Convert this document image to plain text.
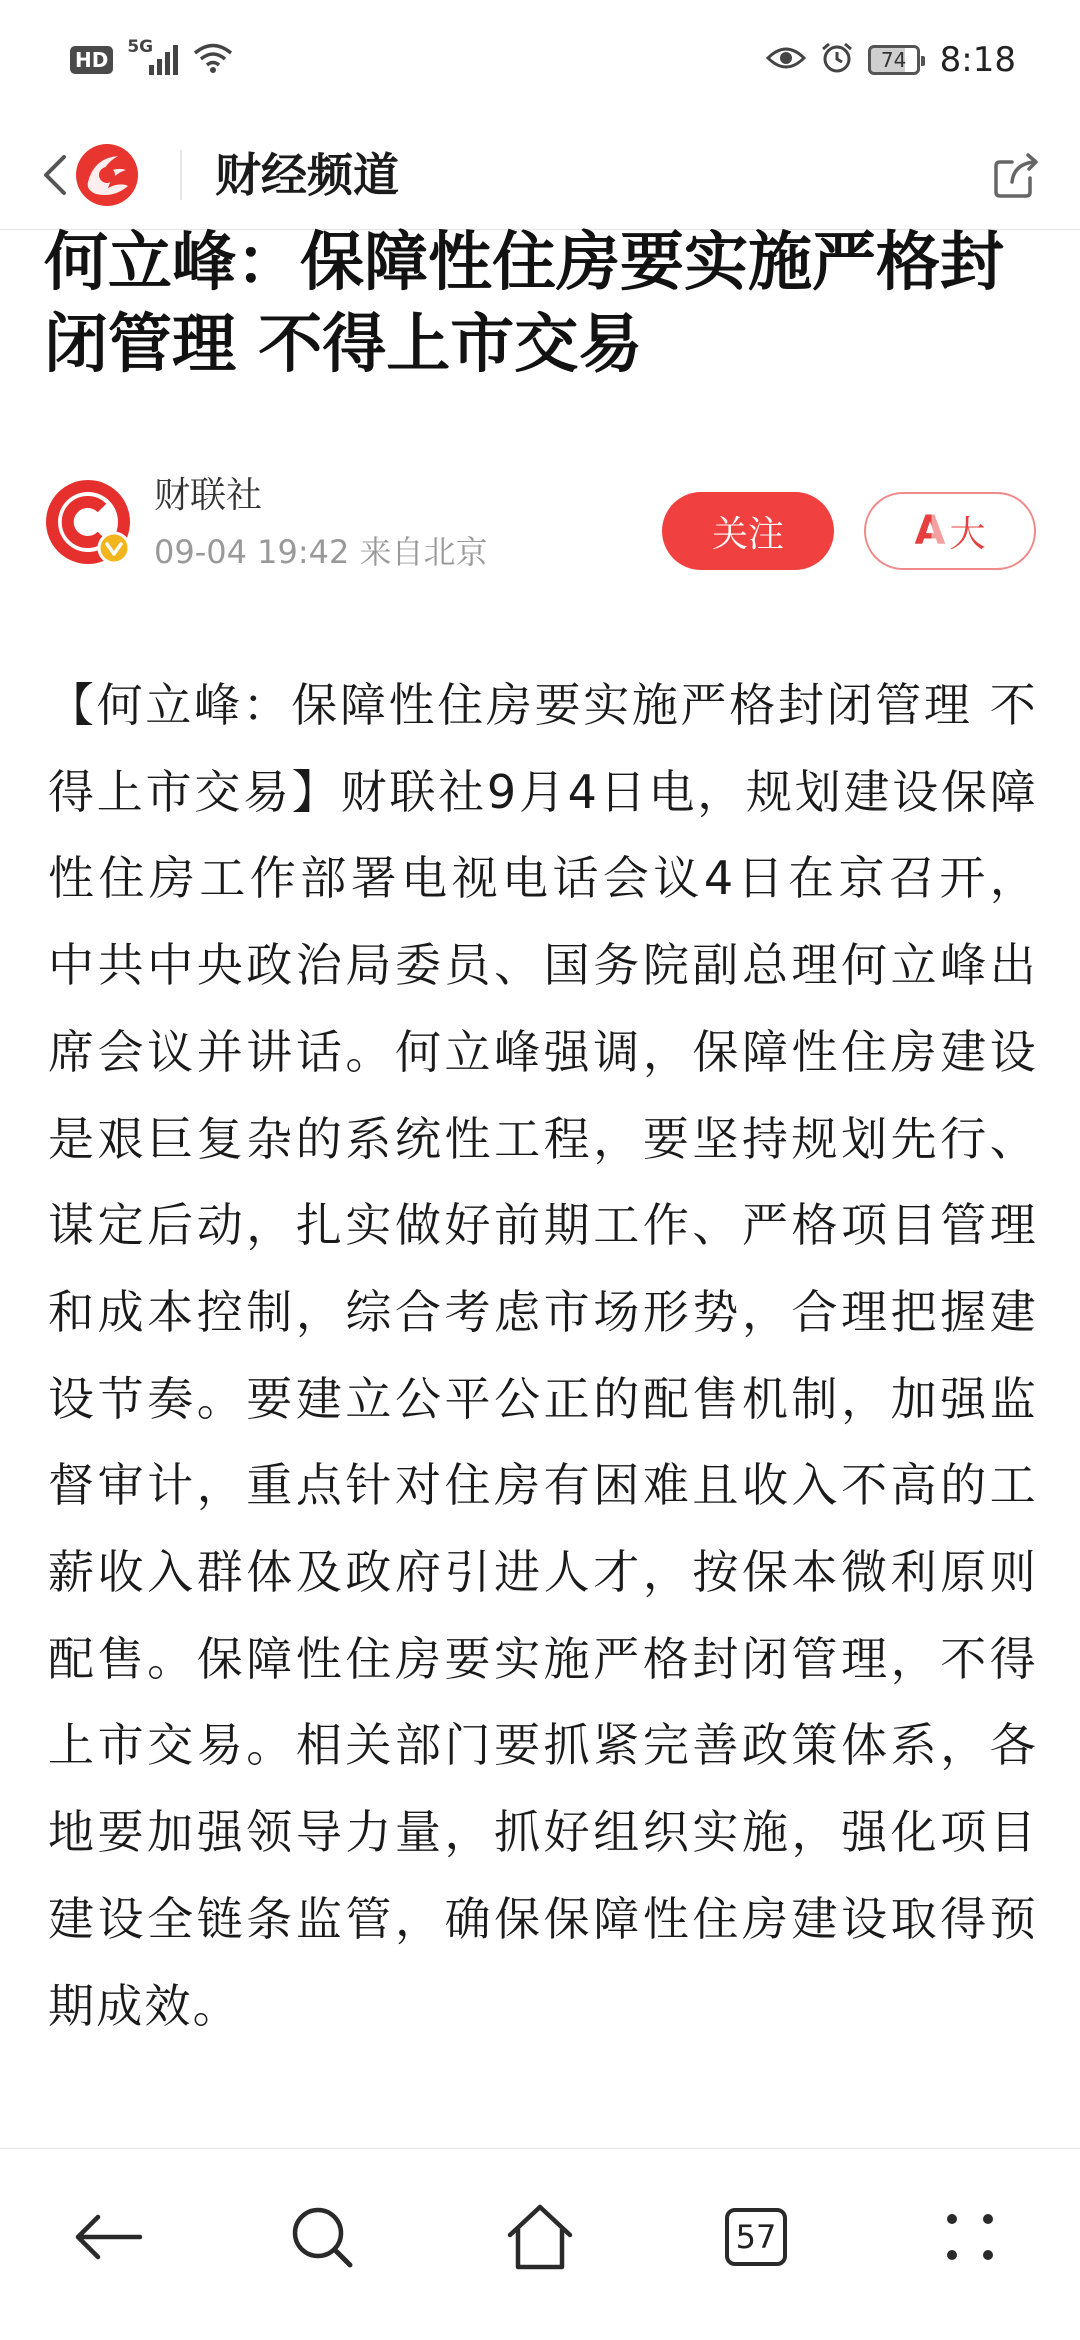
HD
5G
74 8:18
财经频道
何立峰：保障性住房要实施严格封闭管理 不得上市交易
财联社
09-04 19:42 来自北京	关注	A 大

【何立峰：保障性住房要实施严格封闭管理 不得上市交易】财联社9月4日电，规划建设保障性住房工作部署电视电话会议4日在京召开，中共中央政治局委员、国务院副总理何立峰出席会议并讲话。何立峰强调，保障性住房建设是艰巨复杂的系统性工程，要坚持规划先行、谋定后动，扎实做好前期工作、严格项目管理和成本控制，综合考虑市场形势，合理把握建设节奏。要建立公平公正的配售机制，加强监督审计，重点针对住房有困难且收入不高的工薪收入群体及政府引进人才，按保本微利原则配售。保障性住房要实施严格封闭管理，不得上市交易。相关部门要抓紧完善政策体系，各地要加强领导力量，抓好组织实施，强化项目建设全链条监管，确保保障性住房建设取得预期成效。

57
